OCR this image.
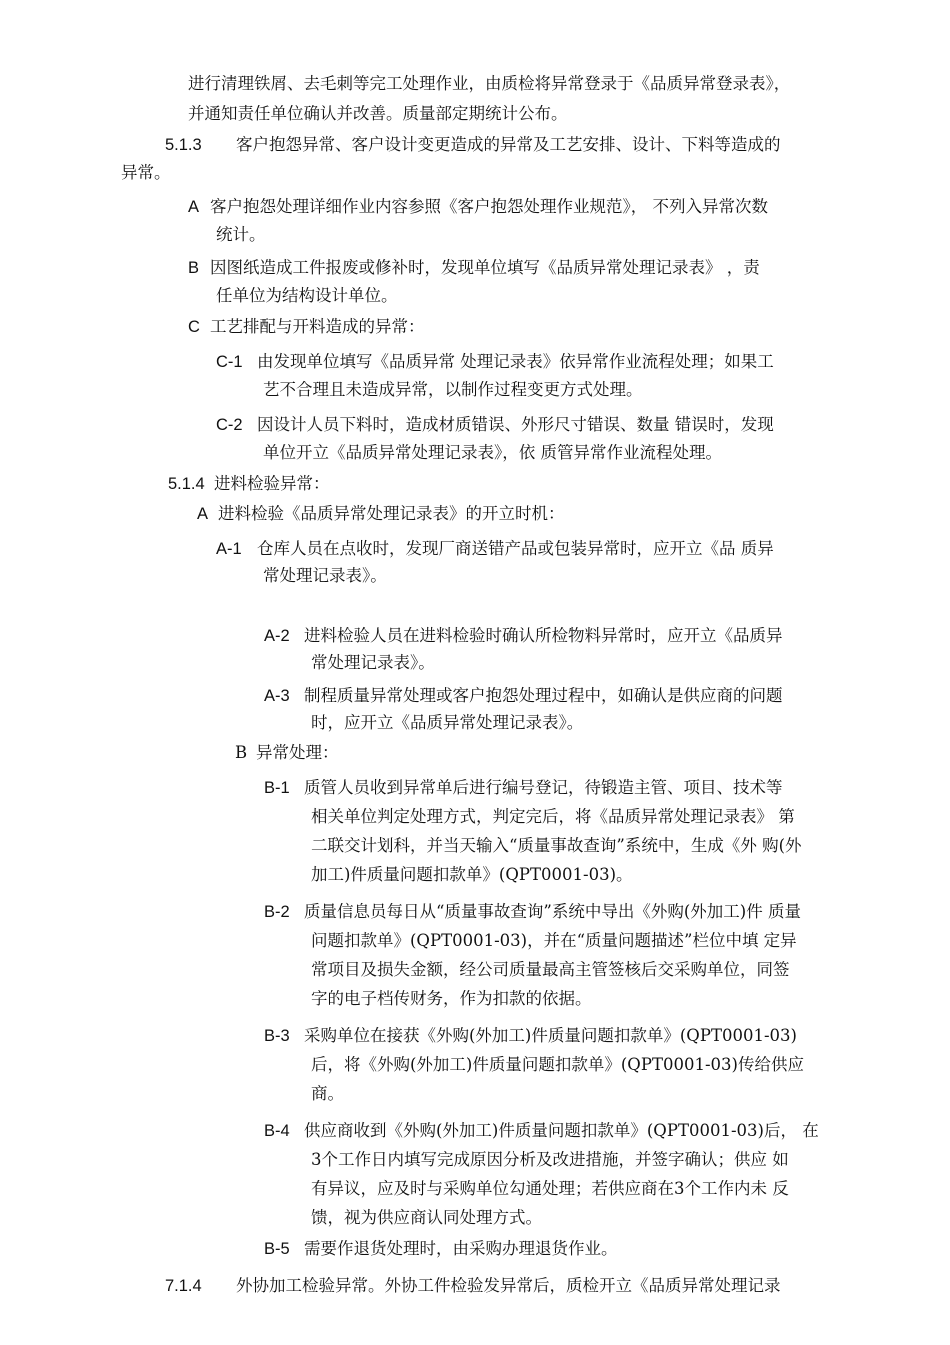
进行清理铁屑、去毛刺等完工处理作业，由质检将异常登录于《品质异常登录表》，
并通知责任单位确认并改善。质量部定期统计公布。
5.1.3 客户抱怨异常、客户设计变更造成的异常及工艺安排、设计、下料等造成的
异常。
A 客户抱怨处理详细作业内容参照《客户抱怨处理作业规范》， 不列入异常次数
统计。
B 因图纸造成工件报废或修补时，发现单位填写《品质异常处理记录表》 ，责
任单位为结构设计单位。
C 工艺排配与开料造成的异常：
C-1 由发现单位填写《品质异常 处理记录表》依异常作业流程处理；如果工
艺不合理且未造成异常，以制作过程变更方式处理。
C-2 因设计人员下料时，造成材质错误、外形尺寸错误、数量 错误时，发现
单位开立《品质异常处理记录表》，依 质管异常作业流程处理。
5.1.4 进料检验异常：
A 进料检验《品质异常处理记录表》的开立时机：
A-1 仓库人员在点收时，发现厂商送错产品或包装异常时，应开立《品 质异
常处理记录表》。
A-2 进料检验人员在进料检验时确认所检物料异常时，应开立《品质异
常处理记录表》。
A-3 制程质量异常处理或客户抱怨处理过程中，如确认是供应商的问题
时，应开立《品质异常处理记录表》。
B 异常处理：
B-1 质管人员收到异常单后进行编号登记，待锻造主管、项目、技术等
相关单位判定处理方式，判定完后，将《品质异常处理记录表》 第
二联交计划科，并当天输入“质量事故查询”系统中，生成《外 购(外
加工)件质量问题扣款单》(QPT0001-03)。
B-2 质量信息员每日从“质量事故查询”系统中导出《外购(外加工)件 质量
问题扣款单》(QPT0001-03)，并在“质量问题描述”栏位中填 定异
常项目及损失金额，经公司质量最高主管签核后交采购单位，同签
字的电子档传财务，作为扣款的依据。
B-3 采购单位在接获《外购(外加工)件质量问题扣款单》(QPT0001-03)
后，将《外购(外加工)件质量问题扣款单》(QPT0001-03)传给供应
商。
B-4 供应商收到《外购(外加工)件质量问题扣款单》(QPT0001-03)后， 在
3个工作日内填写完成原因分析及改进措施，并签字确认；供应 如
有异议，应及时与采购单位勾通处理；若供应商在3个工作内未 反
馈，视为供应商认同处理方式。
B-5 需要作退货处理时，由采购办理退货作业。
7.1.4 外协加工检验异常。外协工件检验发异常后，质检开立《品质异常处理记录
